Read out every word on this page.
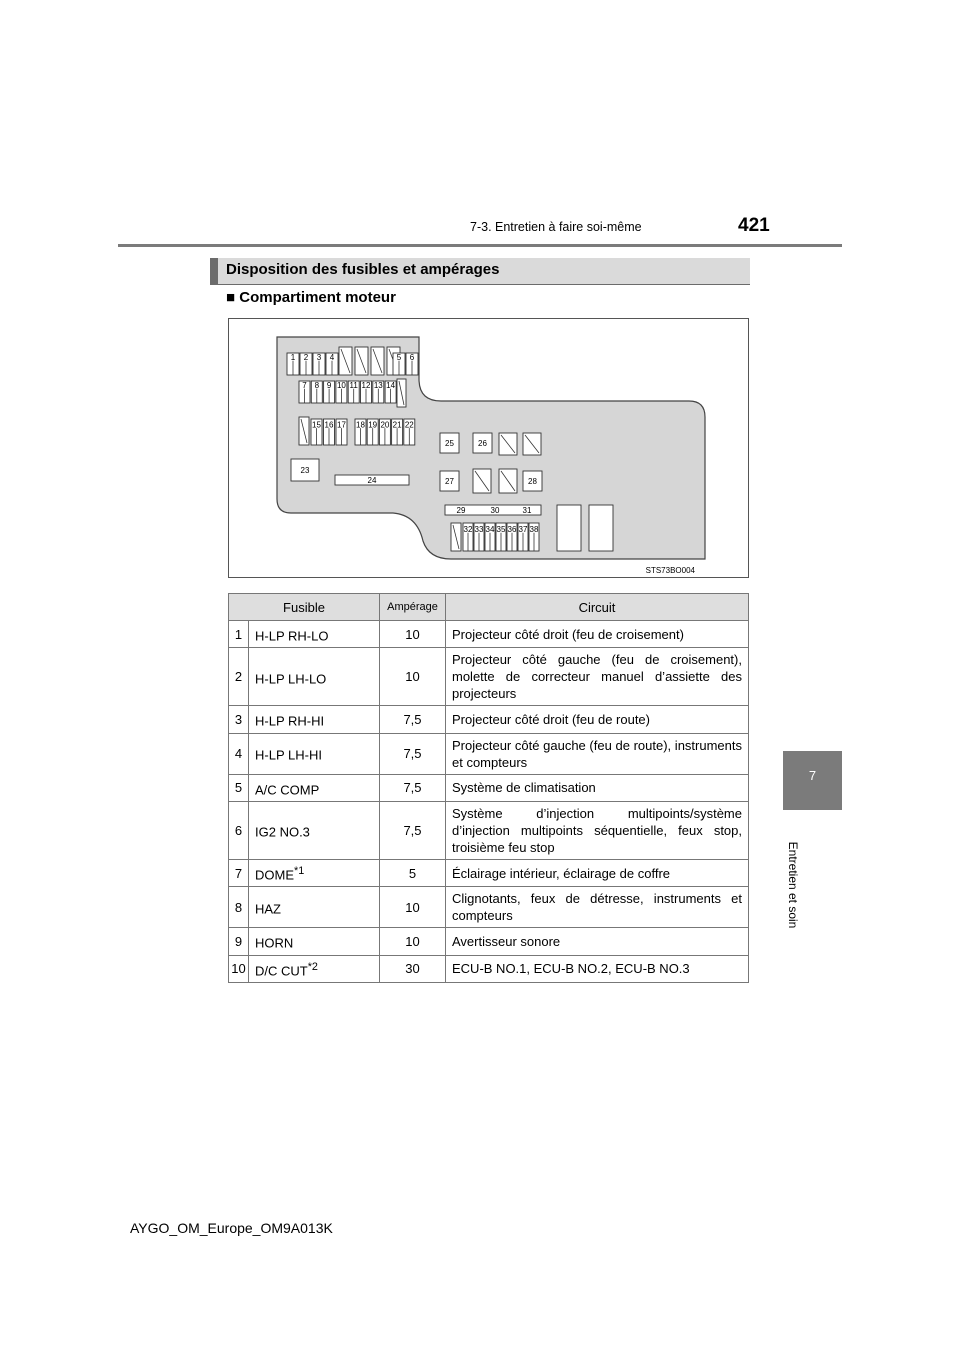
7-3. Entretien à faire soi-même	421
7
Entretien et soin
Disposition des fusibles et ampérages
■ Compartiment moteur
1 2 3 4	5 6
7 8 9 10 11 12 13 14
15 16 17 18 19 20 21 22
23
24
25	26
27	28
29	30	31
32 33 34 35 36 37 38
STS73BO004
Fusible		Ampérage	Circuit
1	H-LP RH-LO	10	Projecteur côté droit (feu de croisement)
2	H-LP LH-LO	10	Projecteur côté gauche (feu de croisement), molette de correcteur manuel d’assiette des projecteurs
3	H-LP RH-HI	7,5	Projecteur côté droit (feu de route)
4	H-LP LH-HI	7,5	Projecteur côté gauche (feu de route), instruments et compteurs
5	A/C COMP	7,5	Système de climatisation
6	IG2 NO.3	7,5	Système d’injection multipoints/système d’injection multipoints séquentielle, feux stop, troisième feu stop
7	DOME$^{*1}$	5	Éclairage intérieur, éclairage de coffre
8	HAZ	10	Clignotants, feux de détresse, instruments et compteurs
9	HORN	10	Avertisseur sonore
10	D/C CUT$^{*2}$	30	ECU-B NO.1, ECU-B NO.2, ECU-B NO.3
AYGO_OM_Europe_OM9A013K
